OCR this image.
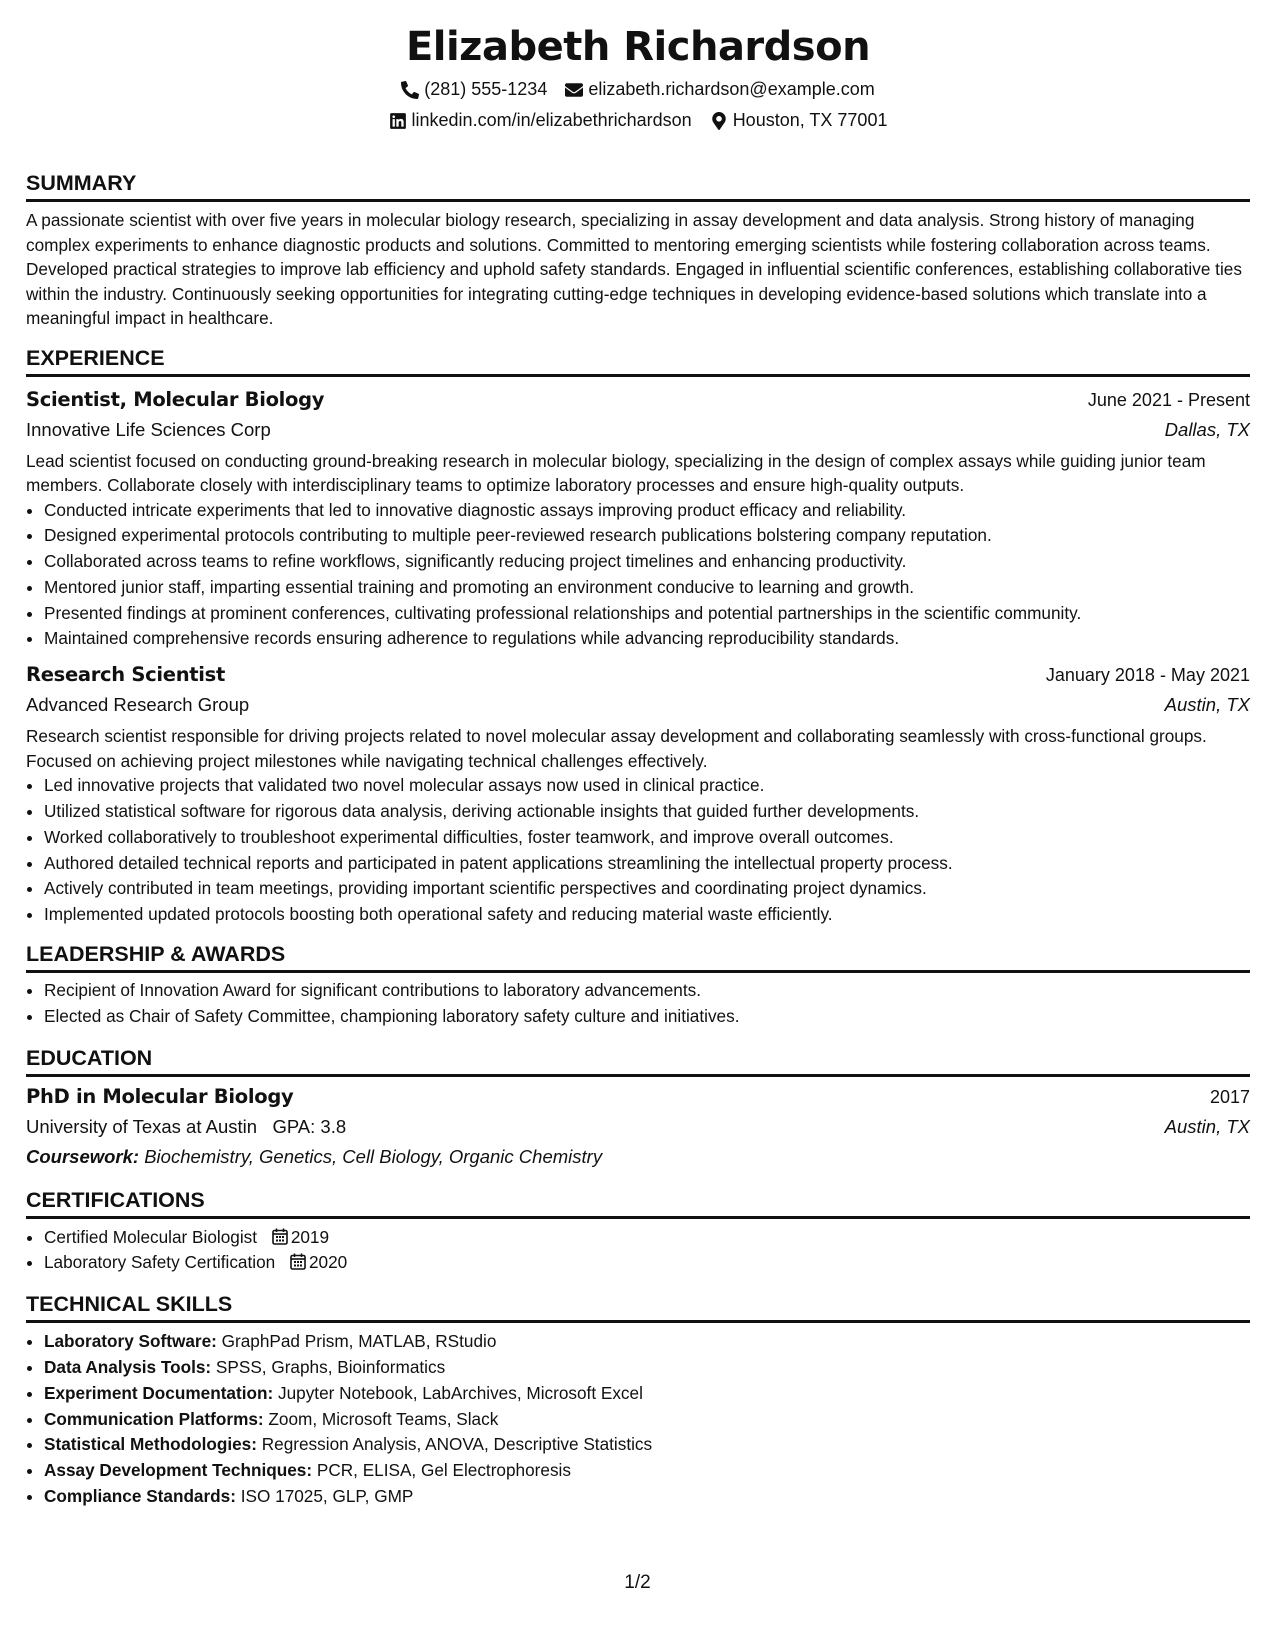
Elizabeth Richardson
(281) 555-1234 elizabeth.richardson@example.com
linkedin.com/in/elizabethrichardson Houston, TX 77001
SUMMARY
A passionate scientist with over five years in molecular biology research, specializing in assay development and data analysis. Strong history of managing complex experiments to enhance diagnostic products and solutions. Committed to mentoring emerging scientists while fostering collaboration across teams. Developed practical strategies to improve lab efficiency and uphold safety standards. Engaged in influential scientific conferences, establishing collaborative ties within the industry. Continuously seeking opportunities for integrating cutting-edge techniques in developing evidence-based solutions which translate into a meaningful impact in healthcare.
EXPERIENCE
Scientist, Molecular Biology	June 2021 - Present
Innovative Life Sciences Corp	Dallas, TX
Lead scientist focused on conducting ground-breaking research in molecular biology, specializing in the design of complex assays while guiding junior team members. Collaborate closely with interdisciplinary teams to optimize laboratory processes and ensure high-quality outputs.
• Conducted intricate experiments that led to innovative diagnostic assays improving product efficacy and reliability.
• Designed experimental protocols contributing to multiple peer-reviewed research publications bolstering company reputation.
• Collaborated across teams to refine workflows, significantly reducing project timelines and enhancing productivity.
• Mentored junior staff, imparting essential training and promoting an environment conducive to learning and growth.
• Presented findings at prominent conferences, cultivating professional relationships and potential partnerships in the scientific community.
• Maintained comprehensive records ensuring adherence to regulations while advancing reproducibility standards.
Research Scientist	January 2018 - May 2021
Advanced Research Group	Austin, TX
Research scientist responsible for driving projects related to novel molecular assay development and collaborating seamlessly with cross-functional groups. Focused on achieving project milestones while navigating technical challenges effectively.
• Led innovative projects that validated two novel molecular assays now used in clinical practice.
• Utilized statistical software for rigorous data analysis, deriving actionable insights that guided further developments.
• Worked collaboratively to troubleshoot experimental difficulties, foster teamwork, and improve overall outcomes.
• Authored detailed technical reports and participated in patent applications streamlining the intellectual property process.
• Actively contributed in team meetings, providing important scientific perspectives and coordinating project dynamics.
• Implemented updated protocols boosting both operational safety and reducing material waste efficiently.
LEADERSHIP & AWARDS
• Recipient of Innovation Award for significant contributions to laboratory advancements.
• Elected as Chair of Safety Committee, championing laboratory safety culture and initiatives.
EDUCATION
PhD in Molecular Biology	2017
University of Texas at Austin GPA: 3.8	Austin, TX
Coursework: Biochemistry, Genetics, Cell Biology, Organic Chemistry
CERTIFICATIONS
• Certified Molecular Biologist 2019
• Laboratory Safety Certification 2020
TECHNICAL SKILLS
• Laboratory Software: GraphPad Prism, MATLAB, RStudio
• Data Analysis Tools: SPSS, Graphs, Bioinformatics
• Experiment Documentation: Jupyter Notebook, LabArchives, Microsoft Excel
• Communication Platforms: Zoom, Microsoft Teams, Slack
• Statistical Methodologies: Regression Analysis, ANOVA, Descriptive Statistics
• Assay Development Techniques: PCR, ELISA, Gel Electrophoresis
• Compliance Standards: ISO 17025, GLP, GMP
1/2
